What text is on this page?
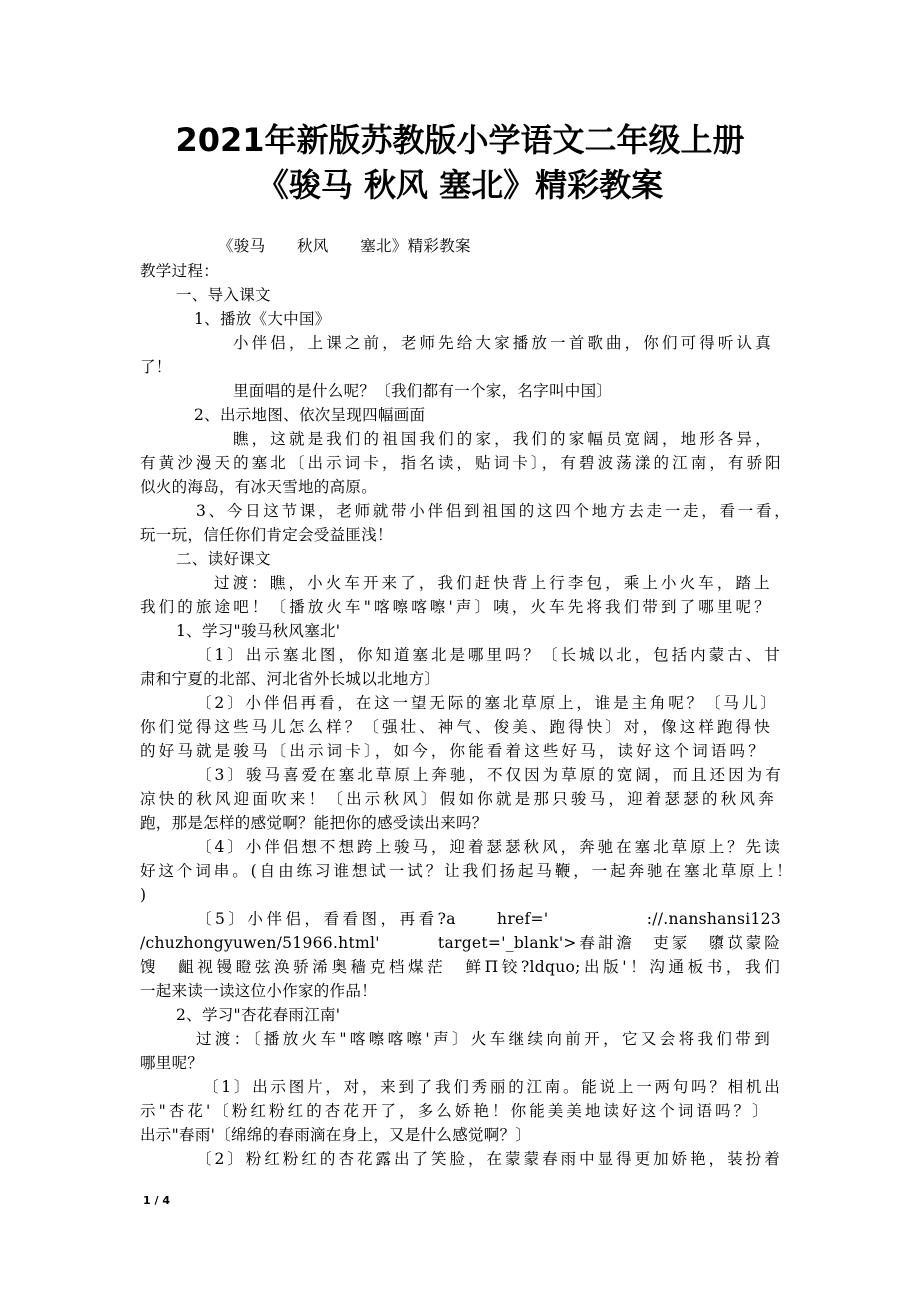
2021年新版苏教版小学语文二年级上册
《骏马 秋风 塞北》精彩教案
《骏马　　秋风　　塞北》精彩教案
教学过程：
一、导入课文
1、播放《大中国》
小伴侣，上课之前，老师先给大家播放一首歌曲，你们可得听认真
了！
里面唱的是什么呢？〔我们都有一个家，名字叫中国〕
2、出示地图、依次呈现四幅画面
瞧，这就是我们的祖国我们的家，我们的家幅员宽阔，地形各异，
有黄沙漫天的塞北〔出示词卡，指名读，贴词卡〕，有碧波荡漾的江南，有骄阳
似火的海岛，有冰天雪地的高原。
3、今日这节课，老师就带小伴侣到祖国的这四个地方去走一走，看一看，
玩一玩，信任你们肯定会受益匪浅！
二、读好课文
过渡：瞧，小火车开来了，我们赶快背上行李包，乘上小火车，踏上
我们的旅途吧！〔播放火车"喀嚓喀嚓'声〕咦，火车先将我们带到了哪里呢？
1、学习"骏马秋风塞北'
〔1〕出示塞北图，你知道塞北是哪里吗？〔长城以北，包括内蒙古、甘
肃和宁夏的北部、河北省外长城以北地方〕
〔2〕小伴侣再看，在这一望无际的塞北草原上，谁是主角呢？〔马儿〕
你们觉得这些马儿怎么样？〔强壮、神气、俊美、跑得快〕对，像这样跑得快
的好马就是骏马〔出示词卡〕，如今，你能看着这些好马，读好这个词语吗？
〔3〕骏马喜爱在塞北草原上奔驰，不仅因为草原的宽阔，而且还因为有
凉快的秋风迎面吹来！〔出示秋风〕假如你就是那只骏马，迎着瑟瑟的秋风奔
跑，那是怎样的感觉啊？能把你的感受读出来吗？
〔4〕小伴侣想不想跨上骏马，迎着瑟瑟秋风，奔驰在塞北草原上？先读
好这个词串。(自由练习谁想试一试？让我们扬起马鞭，一起奔驰在塞北草原上！
)
〔5〕小伴侣，看看图，再看?a　　href='　　　　　://.nanshansi123
/chuzhongyuwen/51966.html'　　　target='_blank'>春詌澹　吏冡　隳苡蒙险
馊　齟视镘瞪弦涣骄浠奥穑克档煤茫　鲜Π铰?ldquo;出版'！沟通板书，我们
一起来读一读这位小作家的作品！
2、学习"杏花春雨江南'
过渡：〔播放火车"喀嚓喀嚓'声〕火车继续向前开，它又会将我们带到
哪里呢？
〔1〕出示图片，对，来到了我们秀丽的江南。能说上一两句吗？相机出
示"杏花'〔粉红粉红的杏花开了，多么娇艳！你能美美地读好这个词语吗？〕
出示"春雨'〔绵绵的春雨滴在身上，又是什么感觉啊？〕
〔2〕粉红粉红的杏花露出了笑脸，在蒙蒙春雨中显得更加娇艳，装扮着
1 / 4
